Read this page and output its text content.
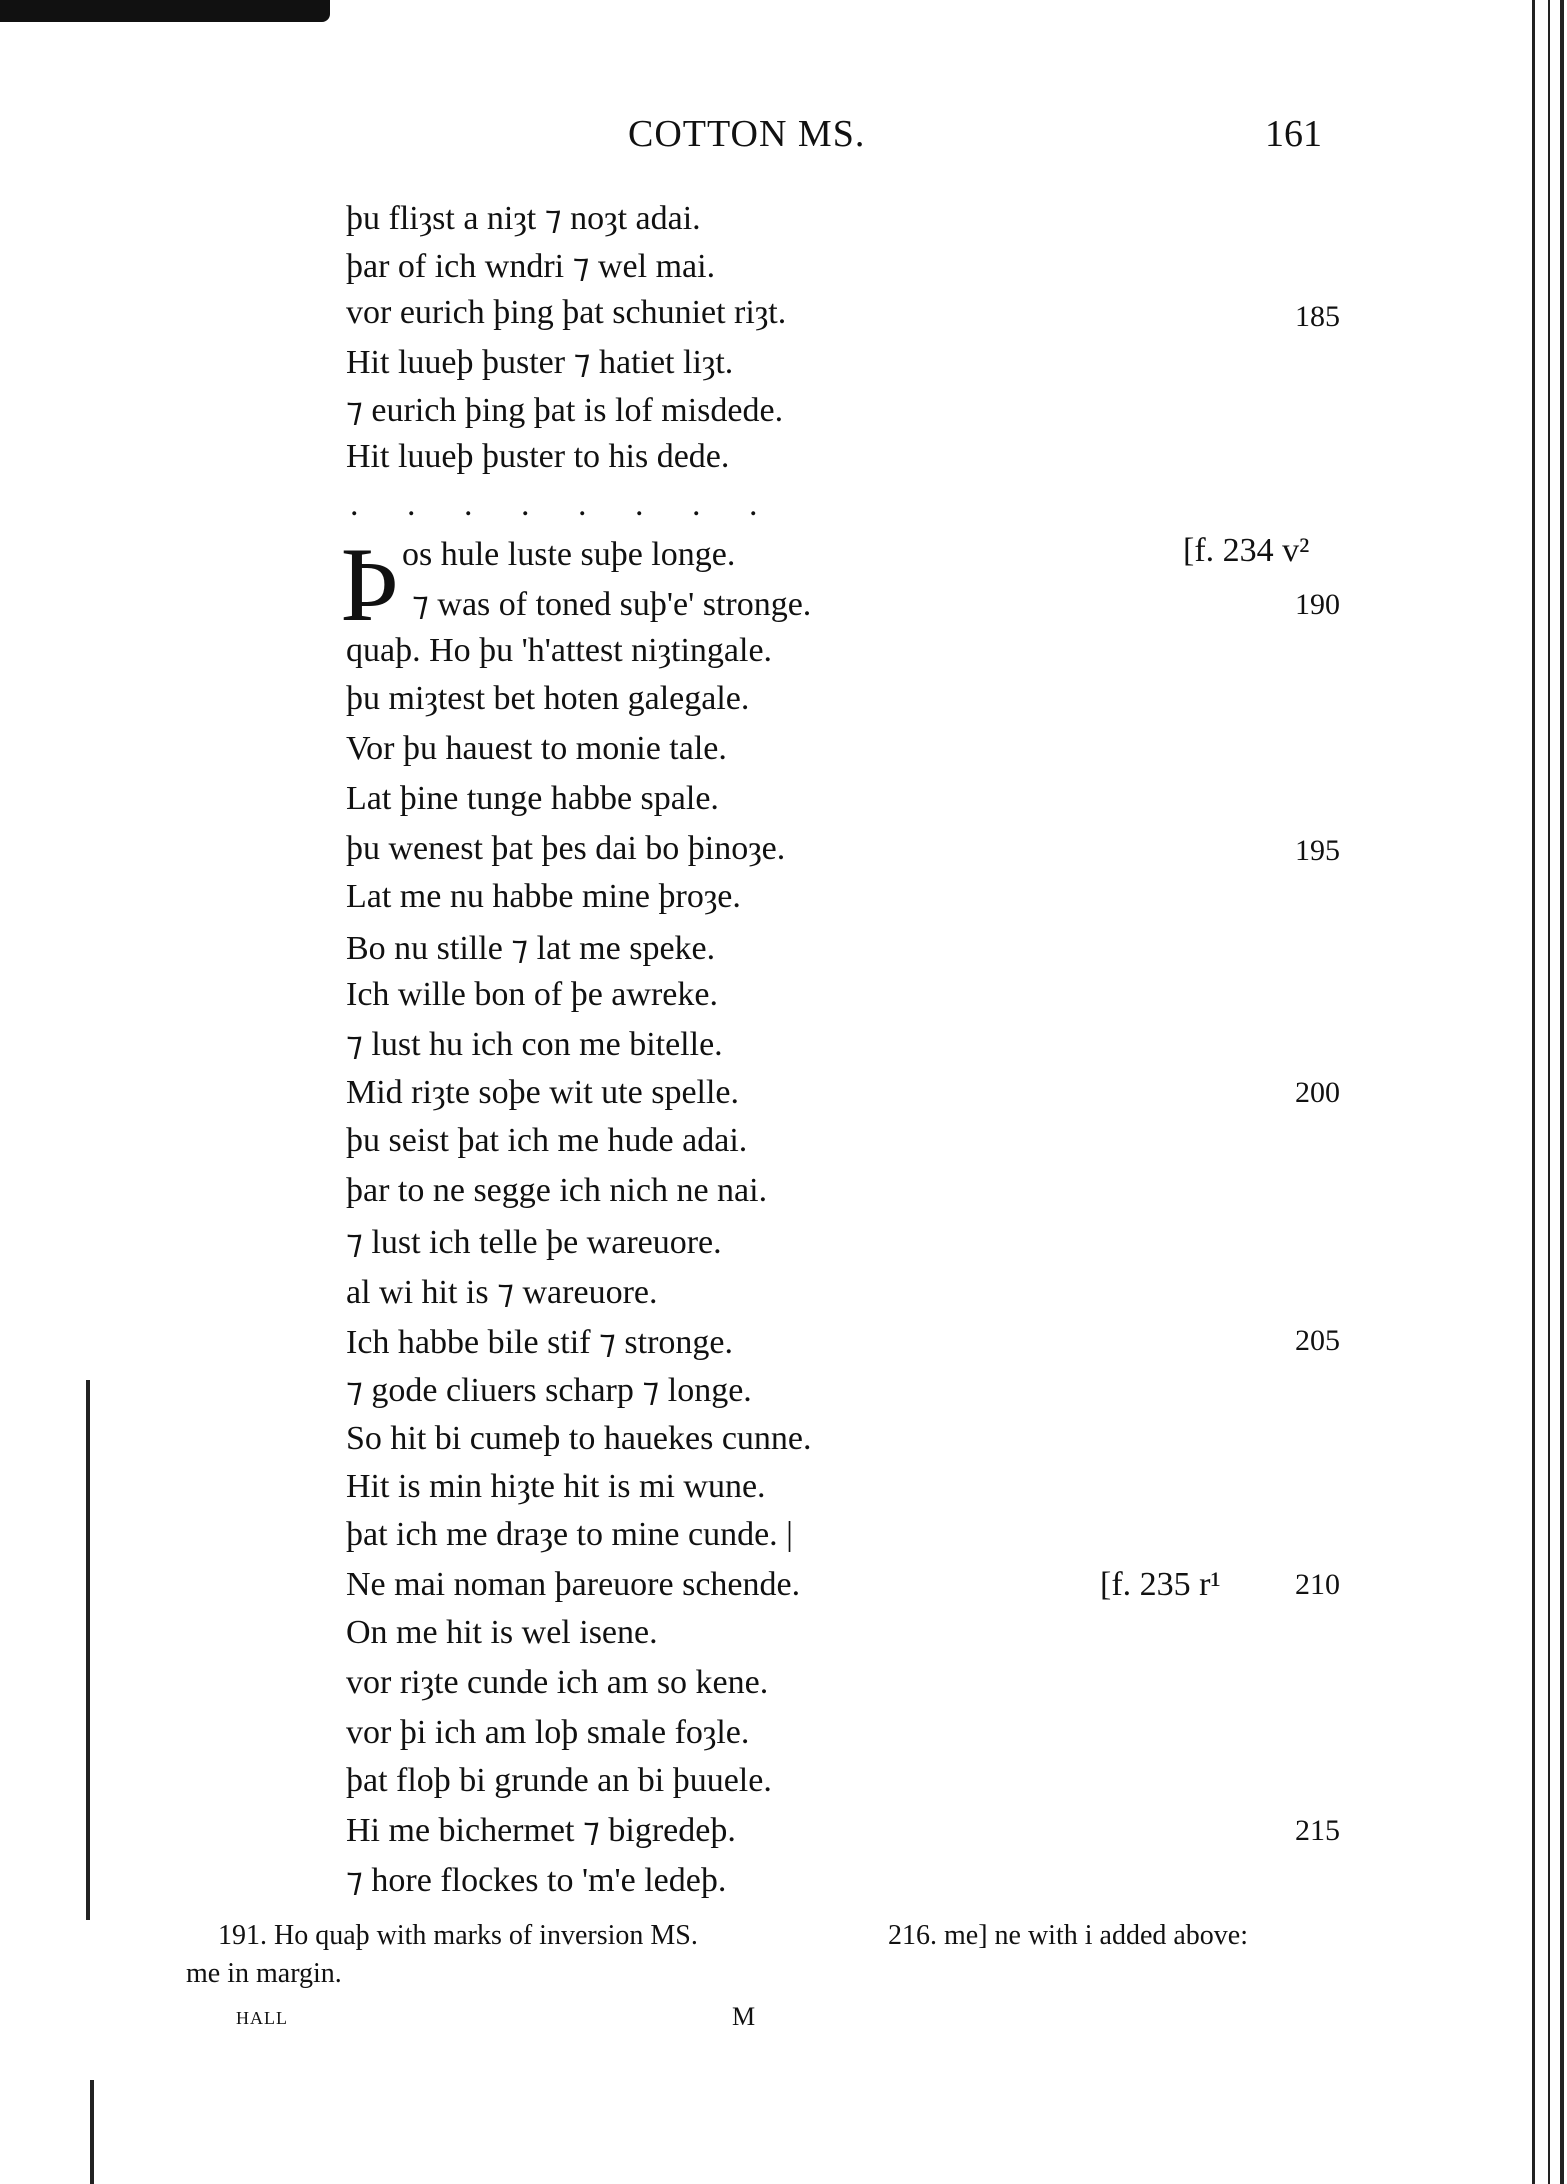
COTTON MS.	161
þu fliȝst a niȝt ⁊ noȝt adai.
þar of ich wndri ⁊ wel mai.
vor eurich þing þat schuniet riȝt.
Hit luueþ þuster ⁊ hatiet liȝt.
⁊ eurich þing þat is lof misdede.
Hit luueþ þuster to his dede.
. . . . . . . .
Þ os hule luste suþe longe.
⁊ was of toned suþ'e' stronge.
quaþ. Ho þu 'h'attest niȝtingale.
þu miȝtest bet hoten galegale.
Vor þu hauest to monie tale.
Lat þine tunge habbe spale.
þu wenest þat þes dai bo þinoȝe.
Lat me nu habbe mine þroȝe.
Bo nu stille ⁊ lat me speke.
Ich wille bon of þe awreke.
⁊ lust hu ich con me bitelle.
Mid riȝte soþe wit ute spelle.
þu seist þat ich me hude adai.
þar to ne segge ich nich ne nai.
⁊ lust ich telle þe wareuore.
al wi hit is ⁊ wareuore.
Ich habbe bile stif ⁊ stronge.
⁊ gode cliuers scharp ⁊ longe.
So hit bi cumeþ to hauekes cunne.
Hit is min hiȝte hit is mi wune.
þat ich me draȝe to mine cunde. |
Ne mai noman þareuore schende.
On me hit is wel isene.
vor riȝte cunde ich am so kene.
vor þi ich am loþ smale foȝle.
þat floþ bi grunde an bi þuuele.
Hi me bichermet ⁊ bigredeþ.
⁊ hore flockes to 'm'e ledeþ.
185
190
195
200
205
210
215
[f. 234 v²
[f. 235 r¹
191. Ho quaþ with marks of inversion MS.	216. me] ne with i added above:
me in margin.
HALL	M
